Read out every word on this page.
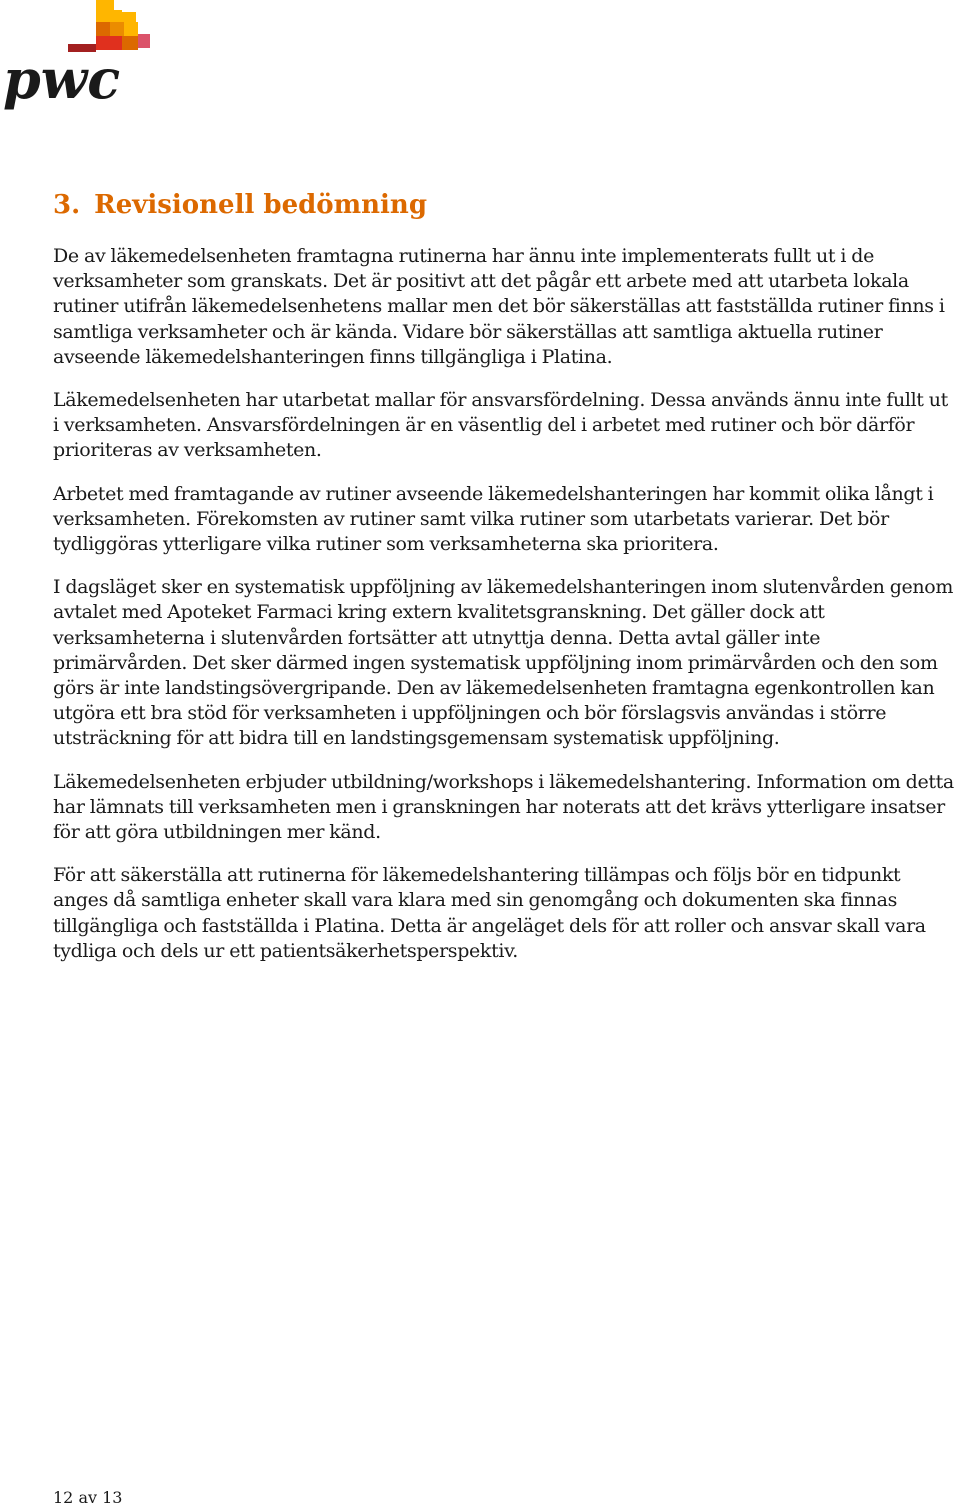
pwc
3. Revisionell bedömning

De av läkemedelsenheten framtagna rutinerna har ännu inte implementerats fullt ut i de verksamheter som granskats. Det är positivt att det pågår ett arbete med att utarbeta lokala rutiner utifrån läkemedelsenhetens mallar men det bör säkerställas att fastställda rutiner finns i samtliga verksamheter och är kända. Vidare bör säkerställas att samtliga aktuella rutiner avseende läkemedelshanteringen finns tillgängliga i Platina.

Läkemedelsenheten har utarbetat mallar för ansvarsfördelning. Dessa används ännu inte fullt ut i verksamheten. Ansvarsfördelningen är en väsentlig del i arbetet med rutiner och bör därför prioriteras av verksamheten.

Arbetet med framtagande av rutiner avseende läkemedelshanteringen har kommit olika långt i verksamheten. Förekomsten av rutiner samt vilka rutiner som utarbetats varierar. Det bör tydliggöras ytterligare vilka rutiner som verksamheterna ska prioritera.

I dagsläget sker en systematisk uppföljning av läkemedelshanteringen inom slutenvården genom avtalet med Apoteket Farmaci kring extern kvalitetsgranskning. Det gäller dock att verksamheterna i slutenvården fortsätter att utnyttja denna. Detta avtal gäller inte primärvården. Det sker därmed ingen systematisk uppföljning inom primärvården och den som görs är inte landstingsövergripande. Den av läkemedelsenheten framtagna egenkontrollen kan utgöra ett bra stöd för verksamheten i uppföljningen och bör förslagsvis användas i större utsträckning för att bidra till en landstingsgemensam systematisk uppföljning.

Läkemedelsenheten erbjuder utbildning/workshops i läkemedelshantering. Information om detta har lämnats till verksamheten men i granskningen har noterats att det krävs ytterligare insatser för att göra utbildningen mer känd.

För att säkerställa att rutinerna för läkemedelshantering tillämpas och följs bör en tidpunkt anges då samtliga enheter skall vara klara med sin genomgång och dokumenten ska finnas tillgängliga och fastställda i Platina. Detta är angeläget dels för att roller och ansvar skall vara tydliga och dels ur ett patientsäkerhetsperspektiv.

12 av 13
